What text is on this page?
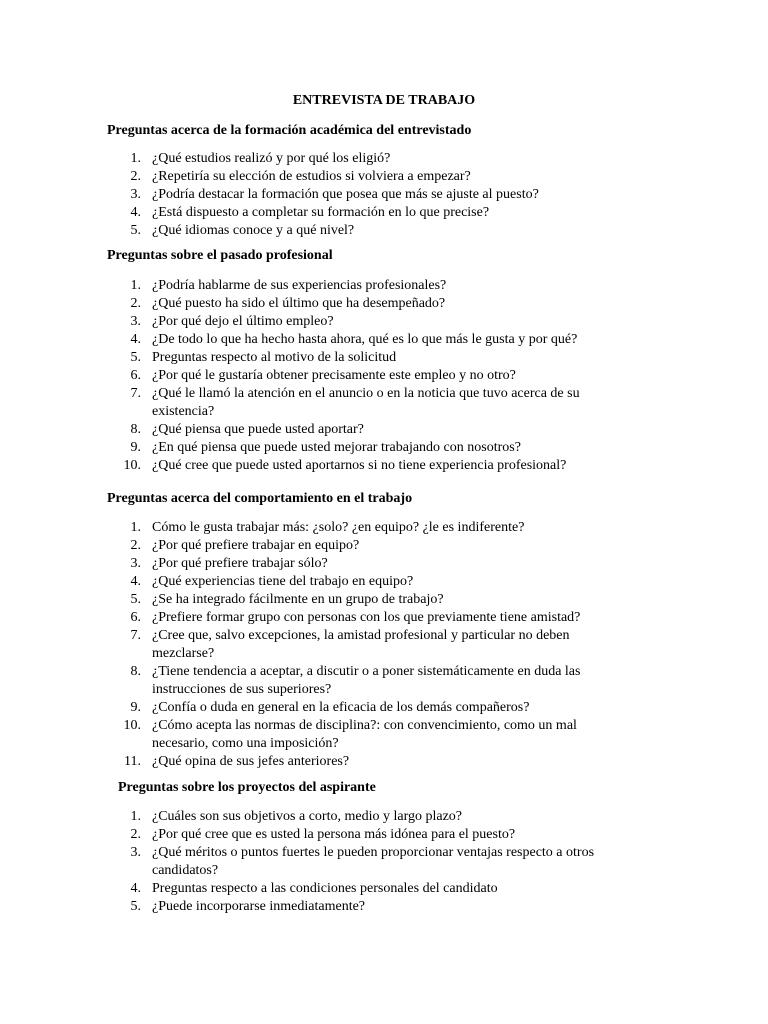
ENTREVISTA DE TRABAJO
Preguntas acerca de la formación académica del entrevistado
1. ¿Qué estudios realizó y por qué los eligió?
2. ¿Repetiría su elección de estudios si volviera a empezar?
3. ¿Podría destacar la formación que posea que más se ajuste al puesto?
4. ¿Está dispuesto a completar su formación en lo que precise?
5. ¿Qué idiomas conoce y a qué nivel?
Preguntas sobre el pasado profesional
1. ¿Podría hablarme de sus experiencias profesionales?
2. ¿Qué puesto ha sido el último que ha desempeñado?
3. ¿Por qué dejo el último empleo?
4. ¿De todo lo que ha hecho hasta ahora, qué es lo que más le gusta y por qué?
5. Preguntas respecto al motivo de la solicitud
6. ¿Por qué le gustaría obtener precisamente este empleo y no otro?
7. ¿Qué le llamó la atención en el anuncio o en la noticia que tuvo acerca de su existencia?
8. ¿Qué piensa que puede usted aportar?
9. ¿En qué piensa que puede usted mejorar trabajando con nosotros?
10. ¿Qué cree que puede usted aportarnos si no tiene experiencia profesional?
Preguntas acerca del comportamiento en el trabajo
1. Cómo le gusta trabajar más: ¿solo? ¿en equipo? ¿le es indiferente?
2. ¿Por qué prefiere trabajar en equipo?
3. ¿Por qué prefiere trabajar sólo?
4. ¿Qué experiencias tiene del trabajo en equipo?
5. ¿Se ha integrado fácilmente en un grupo de trabajo?
6. ¿Prefiere formar grupo con personas con los que previamente tiene amistad?
7. ¿Cree que, salvo excepciones, la amistad profesional y particular no deben mezclarse?
8. ¿Tiene tendencia a aceptar, a discutir o a poner sistemáticamente en duda las instrucciones de sus superiores?
9. ¿Confía o duda en general en la eficacia de los demás compañeros?
10. ¿Cómo acepta las normas de disciplina?: con convencimiento, como un mal necesario, como una imposición?
11. ¿Qué opina de sus jefes anteriores?
Preguntas sobre los proyectos del aspirante
1. ¿Cuáles son sus objetivos a corto, medio y largo plazo?
2. ¿Por qué cree que es usted la persona más idónea para el puesto?
3. ¿Qué méritos o puntos fuertes le pueden proporcionar ventajas respecto a otros candidatos?
4. Preguntas respecto a las condiciones personales del candidato
5. ¿Puede incorporarse inmediatamente?
